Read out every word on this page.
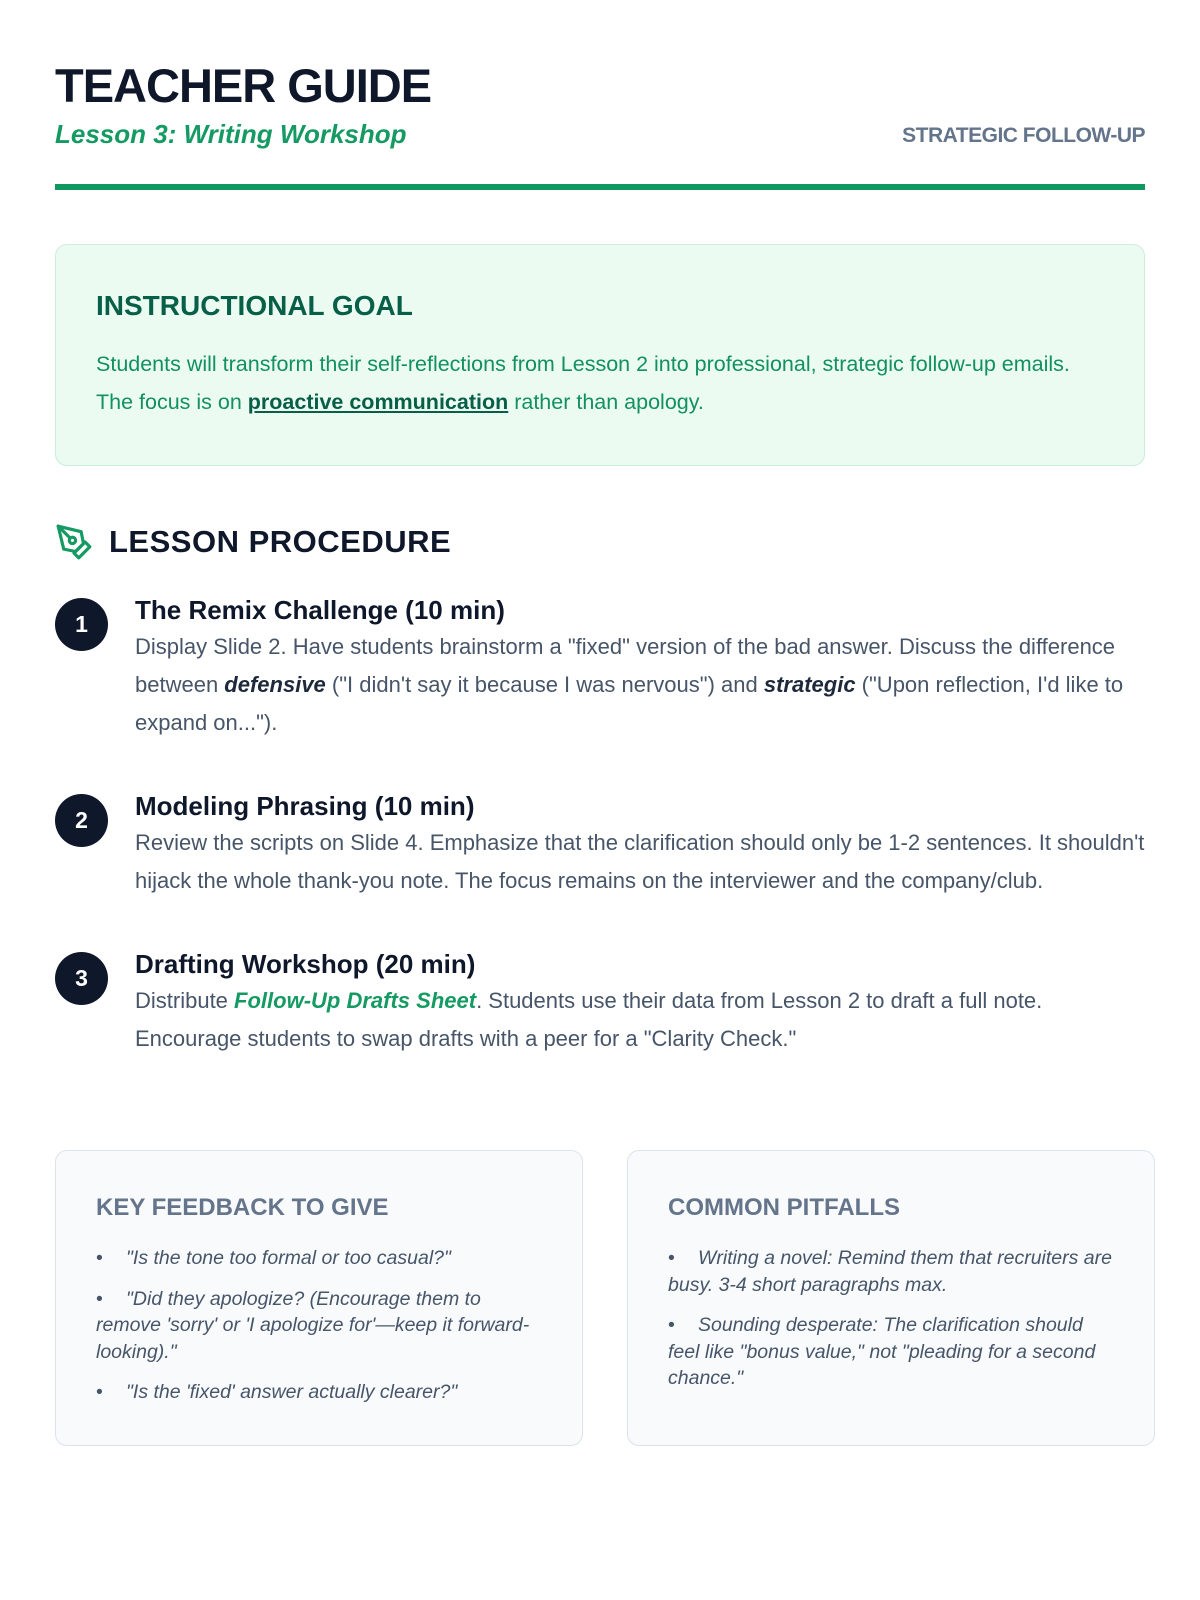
TEACHER GUIDE
Lesson 3: Writing Workshop	STRATEGIC FOLLOW-UP
INSTRUCTIONAL GOAL

Students will transform their self-reflections from Lesson 2 into professional, strategic follow-up emails. The focus is on proactive communication rather than apology.

LESSON PROCEDURE
1	The Remix Challenge (10 min)

Display Slide 2. Have students brainstorm a "fixed" version of the bad answer. Discuss the difference between defensive ("I didn't say it because I was nervous") and strategic ("Upon reflection, I'd like to expand on...").

2	Modeling Phrasing (10 min)

Review the scripts on Slide 4. Emphasize that the clarification should only be 1-2 sentences. It shouldn't hijack the whole thank-you note. The focus remains on the interviewer and the company/club.

3	Drafting Workshop (20 min)

Distribute Follow-Up Drafts Sheet. Students use their data from Lesson 2 to draft a full note. Encourage students to swap drafts with a peer for a "Clarity Check."

KEY FEEDBACK TO GIVE
• "Is the tone too formal or too casual?"
• "Did they apologize? (Encourage them to remove 'sorry' or 'I apologize for'—keep it forward-looking)."
• "Is the 'fixed' answer actually clearer?"
COMMON PITFALLS
• Writing a novel: Remind them that recruiters are busy. 3-4 short paragraphs max.
• Sounding desperate: The clarification should feel like "bonus value," not "pleading for a second chance."
